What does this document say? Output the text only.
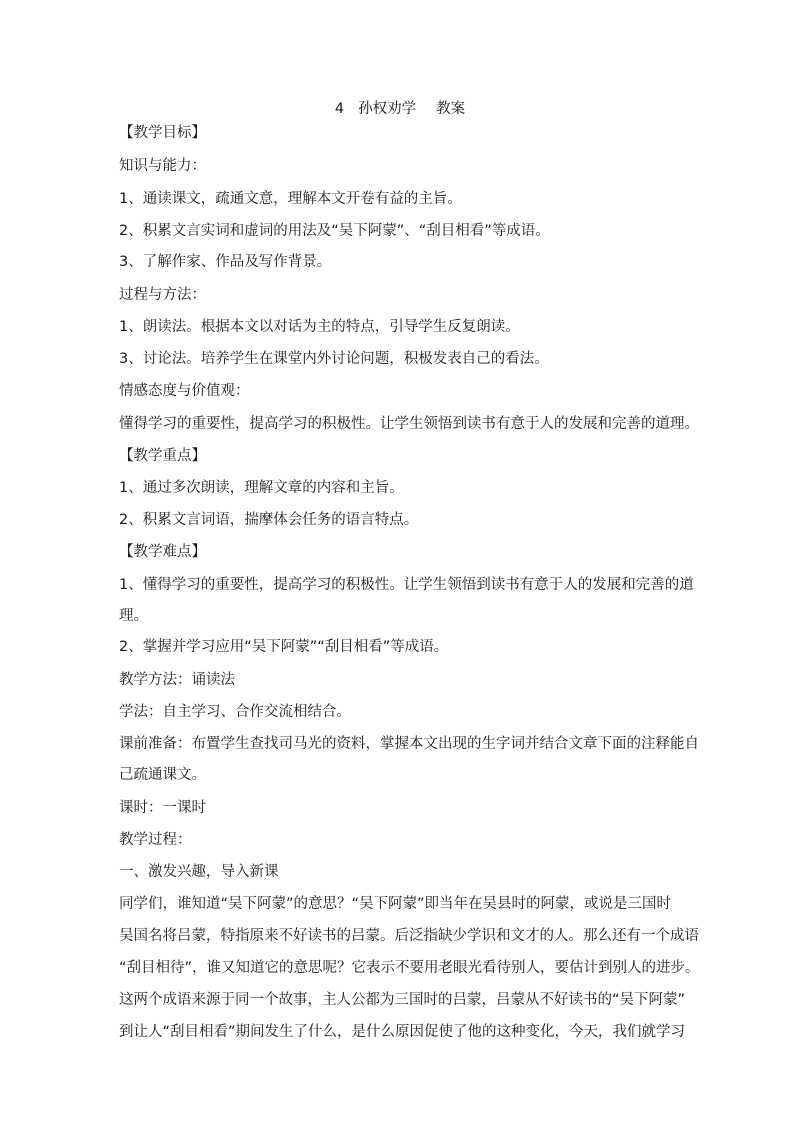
4 孙权劝学 教案
【教学目标】
知识与能力：
1、通读课文，疏通文意，理解本文开卷有益的主旨。
2、积累文言实词和虚词的用法及“吴下阿蒙”、“刮目相看”等成语。
3、了解作家、作品及写作背景。
过程与方法：
1、朗读法。根据本文以对话为主的特点，引导学生反复朗读。
3、讨论法。培养学生在课堂内外讨论问题，积极发表自己的看法。
情感态度与价值观：
懂得学习的重要性，提高学习的积极性。让学生领悟到读书有意于人的发展和完善的道理。
【教学重点】
1、通过多次朗读，理解文章的内容和主旨。
2、积累文言词语，揣摩体会任务的语言特点。
【教学难点】
1、懂得学习的重要性，提高学习的积极性。让学生领悟到读书有意于人的发展和完善的道
理。
2、掌握并学习应用“吴下阿蒙”“刮目相看”等成语。
教学方法：诵读法
学法：自主学习、合作交流相结合。
课前准备：布置学生查找司马光的资料，掌握本文出现的生字词并结合文章下面的注释能自
己疏通课文。
课时：一课时
教学过程：
一、激发兴趣，导入新课
同学们，谁知道“吴下阿蒙”的意思？“吴下阿蒙”即当年在吴县时的阿蒙，或说是三国时
吴国名将吕蒙，特指原来不好读书的吕蒙。后泛指缺少学识和文才的人。那么还有一个成语
“刮目相待”，谁又知道它的意思呢？它表示不要用老眼光看待别人，要估计到别人的进步。
这两个成语来源于同一个故事，主人公都为三国时的吕蒙，吕蒙从不好读书的“吴下阿蒙”
到让人“刮目相看”期间发生了什么，是什么原因促使了他的这种变化，今天，我们就学习
